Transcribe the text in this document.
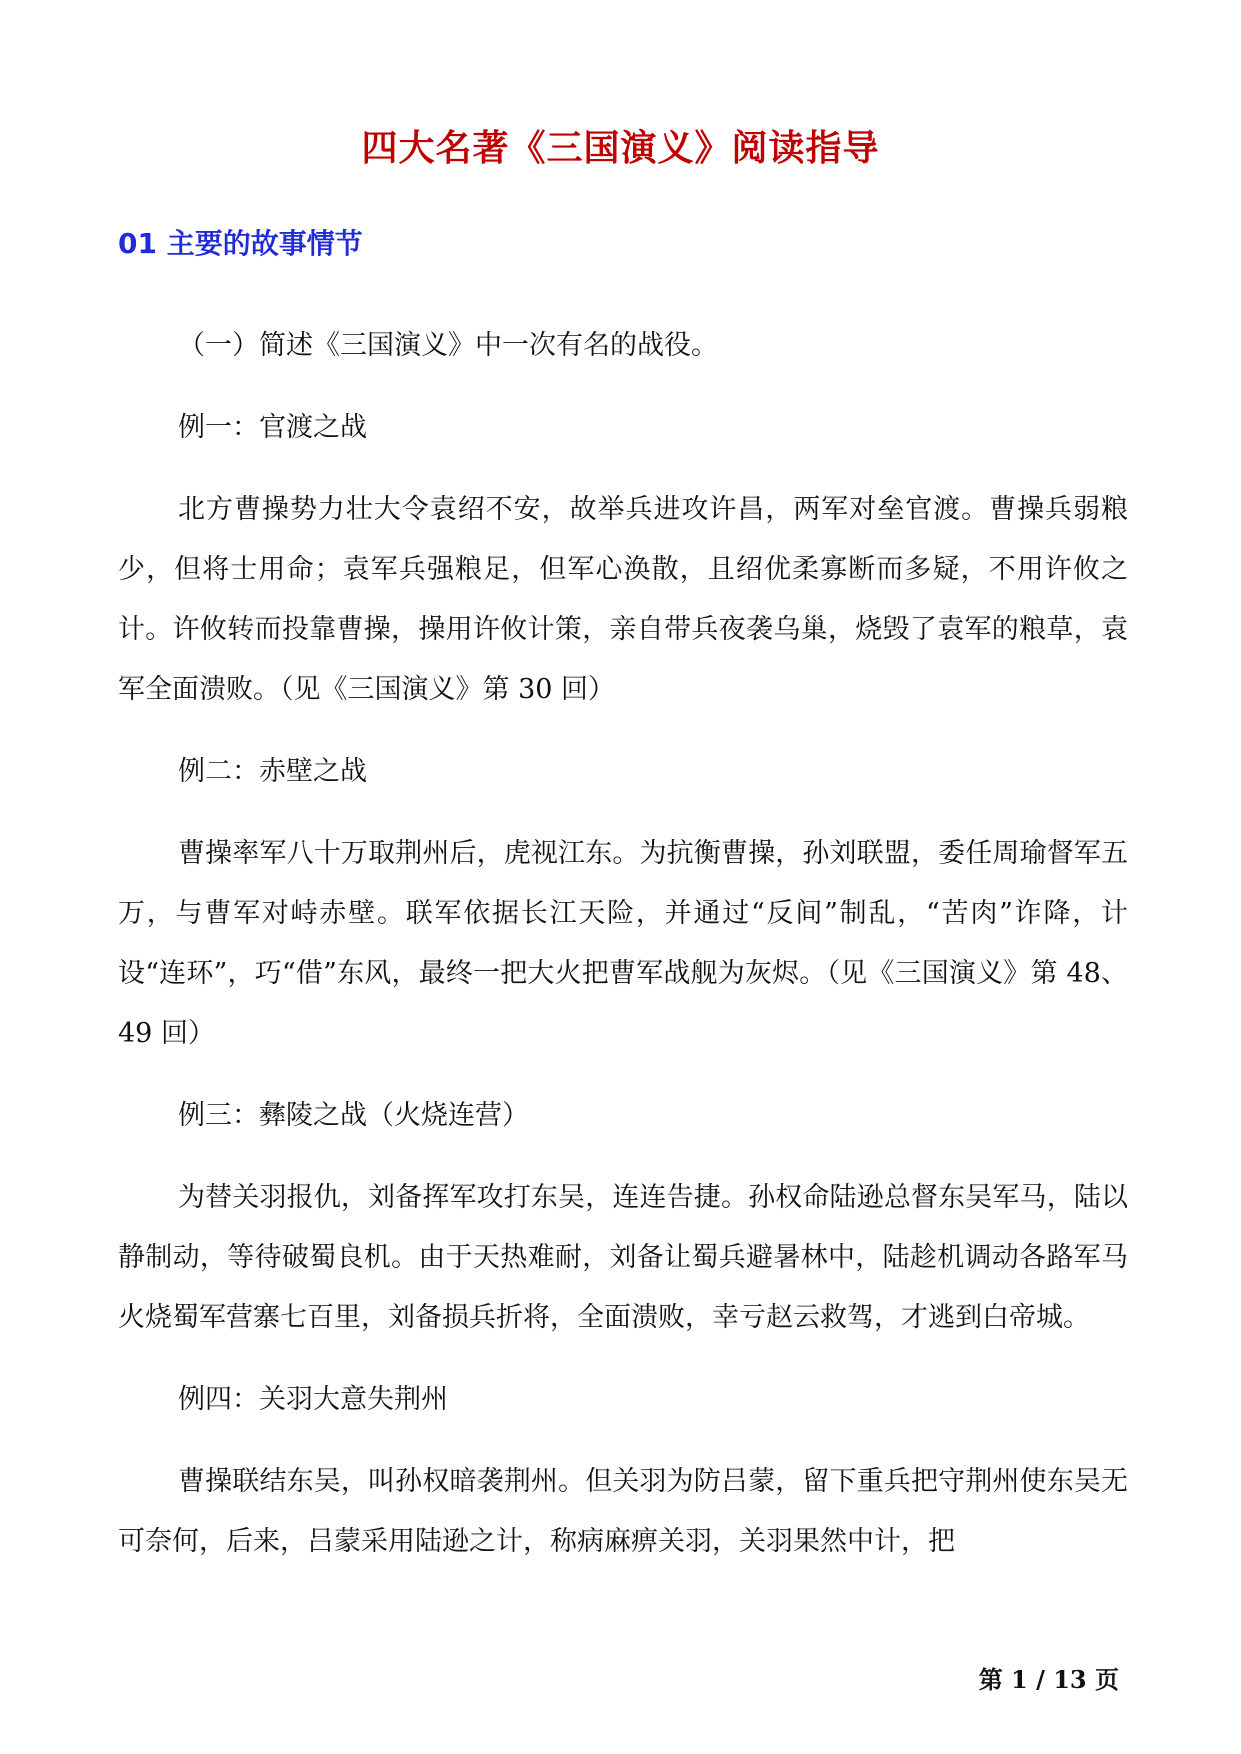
四大名著《三国演义》阅读指导
01 主要的故事情节

（一）简述《三国演义》中一次有名的战役。

例一：官渡之战

北方曹操势力壮大令袁绍不安，故举兵进攻许昌，两军对垒官渡。曹操兵弱粮少，但将士用命；袁军兵强粮足，但军心涣散，且绍优柔寡断而多疑，不用许攸之计。许攸转而投靠曹操，操用许攸计策，亲自带兵夜袭乌巢，烧毁了袁军的粮草，袁军全面溃败。（见《三国演义》第 30 回）

例二：赤壁之战

曹操率军八十万取荆州后，虎视江东。为抗衡曹操，孙刘联盟，委任周瑜督军五万，与曹军对峙赤壁。联军依据长江天险，并通过“反间”制乱，“苦肉”诈降，计设“连环”，巧“借”东风，最终一把大火把曹军战舰为灰烬。（见《三国演义》第 48、49 回）

例三：彝陵之战（火烧连营）

为替关羽报仇，刘备挥军攻打东吴，连连告捷。孙权命陆逊总督东吴军马，陆以静制动，等待破蜀良机。由于天热难耐，刘备让蜀兵避暑林中，陆趁机调动各路军马火烧蜀军营寨七百里，刘备损兵折将，全面溃败，幸亏赵云救驾，才逃到白帝城。

例四：关羽大意失荆州

曹操联结东吴，叫孙权暗袭荆州。但关羽为防吕蒙，留下重兵把守荆州使东吴无可奈何，后来，吕蒙采用陆逊之计，称病麻痹关羽，关羽果然中计，把

第 1 / 13 页
